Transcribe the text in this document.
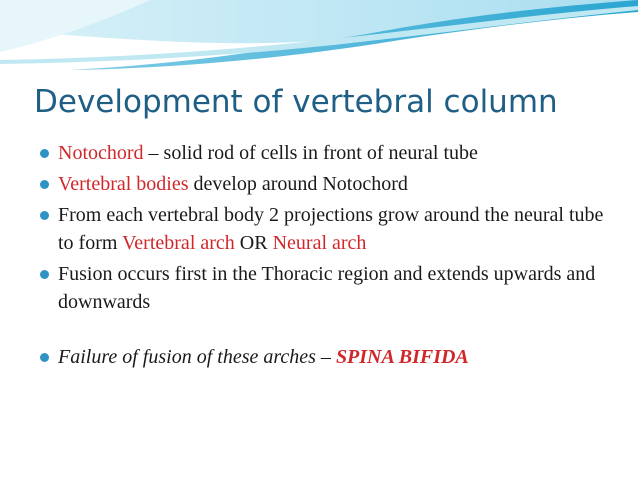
Development of vertebral column
Notochord – solid rod of cells in front of neural tube
Vertebral bodies develop around Notochord
From each vertebral body 2 projections grow around the neural tube to form Vertebral arch OR Neural arch
Fusion occurs first in the Thoracic region and extends upwards and downwards
Failure of fusion of these arches – SPINA BIFIDA
